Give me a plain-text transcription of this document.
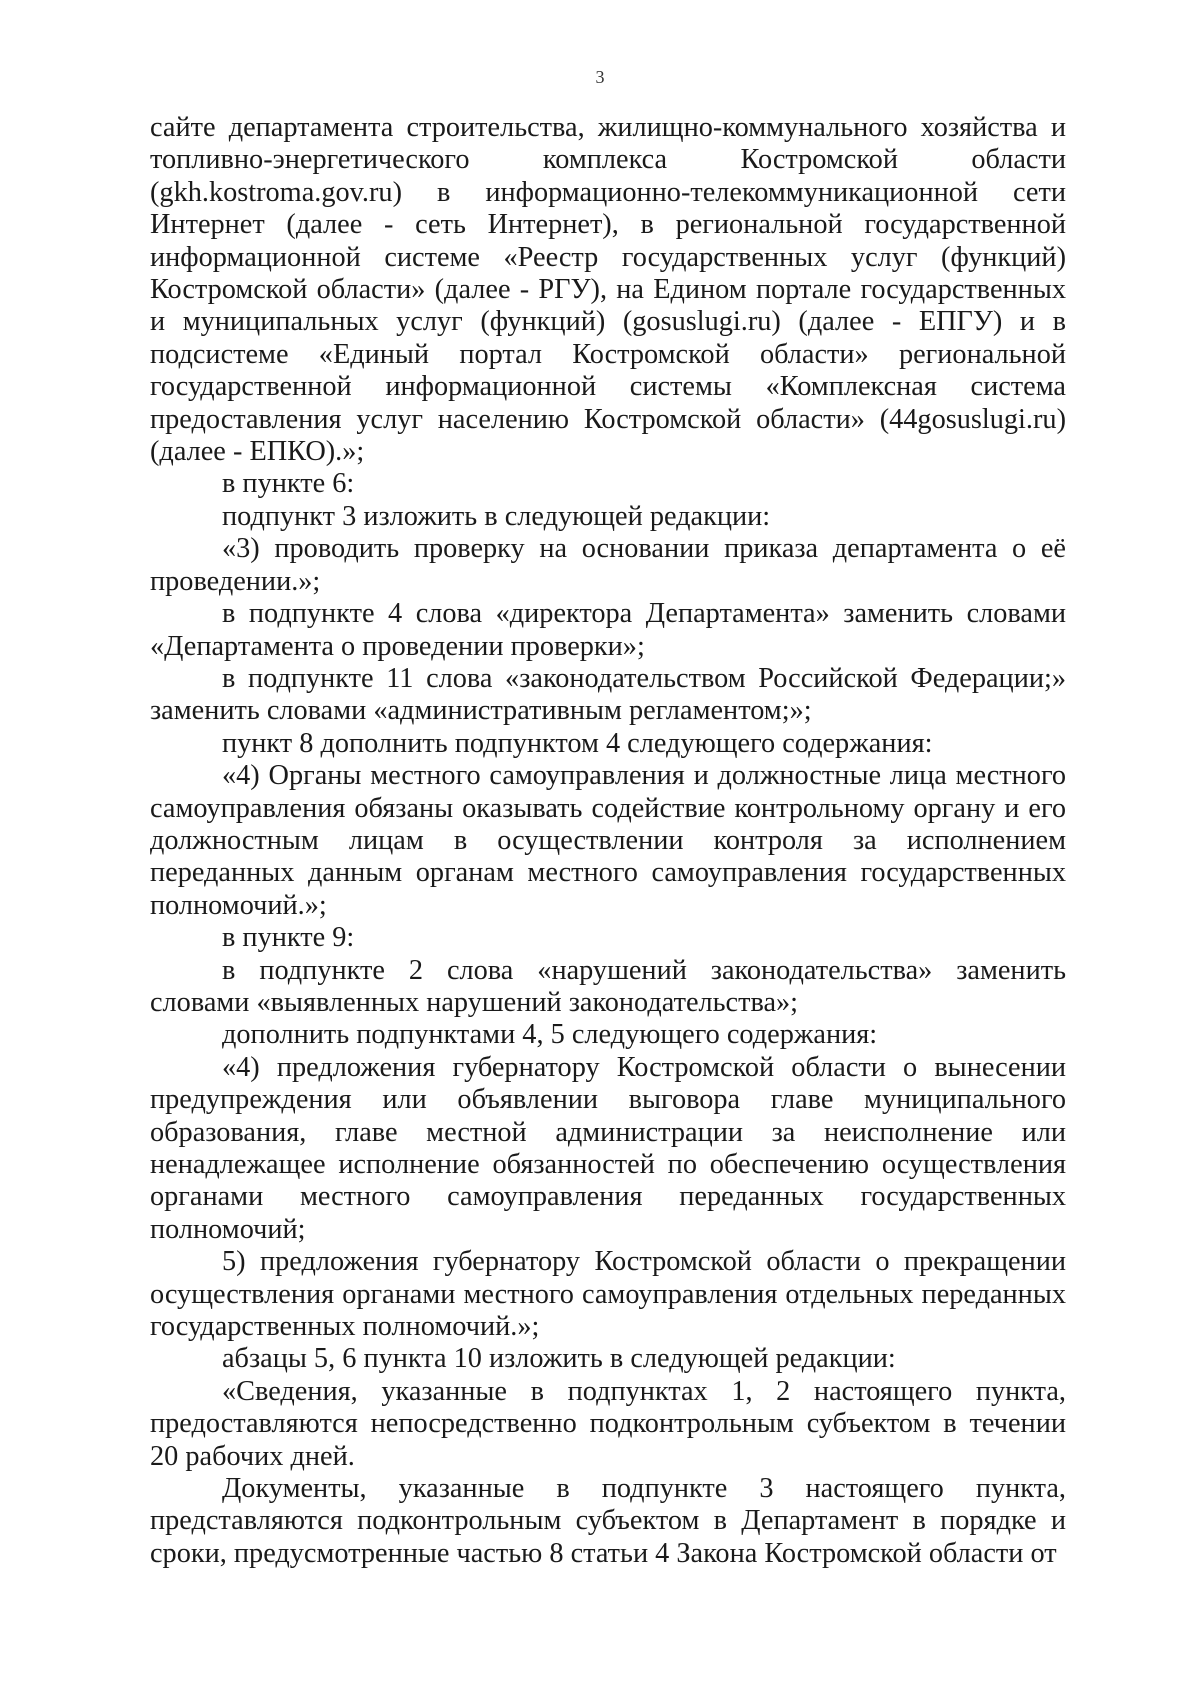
3

сайте департамента строительства, жилищно-коммунального хозяйства и топливно-энергетического комплекса Костромской области (gkh.kostroma.gov.ru) в информационно-телекоммуникационной сети Интернет (далее - сеть Интернет), в региональной государственной информационной системе «Реестр государственных услуг (функций) Костромской области» (далее - РГУ), на Едином портале государственных и муниципальных услуг (функций) (gosuslugi.ru) (далее - ЕПГУ) и в подсистеме «Единый портал Костромской области» региональной государственной информационной системы «Комплексная система предоставления услуг населению Костромской области» (44gosuslugi.ru) (далее - ЕПКО).»;

в пункте 6:

подпункт 3 изложить в следующей редакции:

«3) проводить проверку на основании приказа департамента о её проведении.»;

в подпункте 4 слова «директора Департамента» заменить словами «Департамента о проведении проверки»;

в подпункте 11 слова «законодательством Российской Федерации;» заменить словами «административным регламентом;»;

пункт 8 дополнить подпунктом 4 следующего содержания:

«4) Органы местного самоуправления и должностные лица местного самоуправления обязаны оказывать содействие контрольному органу и его должностным лицам в осуществлении контроля за исполнением переданных данным органам местного самоуправления государственных полномочий.»;

в пункте 9:

в подпункте 2 слова «нарушений законодательства» заменить словами «выявленных нарушений законодательства»;

дополнить подпунктами 4, 5 следующего содержания:

«4) предложения губернатору Костромской области о вынесении предупреждения или объявлении выговора главе муниципального образования, главе местной администрации за неисполнение или ненадлежащее исполнение обязанностей по обеспечению осуществления органами местного самоуправления переданных государственных полномочий;

5) предложения губернатору Костромской области о прекращении осуществления органами местного самоуправления отдельных переданных государственных полномочий.»;

абзацы 5, 6 пункта 10 изложить в следующей редакции:

«Сведения, указанные в подпунктах 1, 2 настоящего пункта, предоставляются непосредственно подконтрольным субъектом в течении 20 рабочих дней.

Документы, указанные в подпункте 3 настоящего пункта, представляются подконтрольным субъектом в Департамент в порядке и сроки, предусмотренные частью 8 статьи 4 Закона Костромской области от
